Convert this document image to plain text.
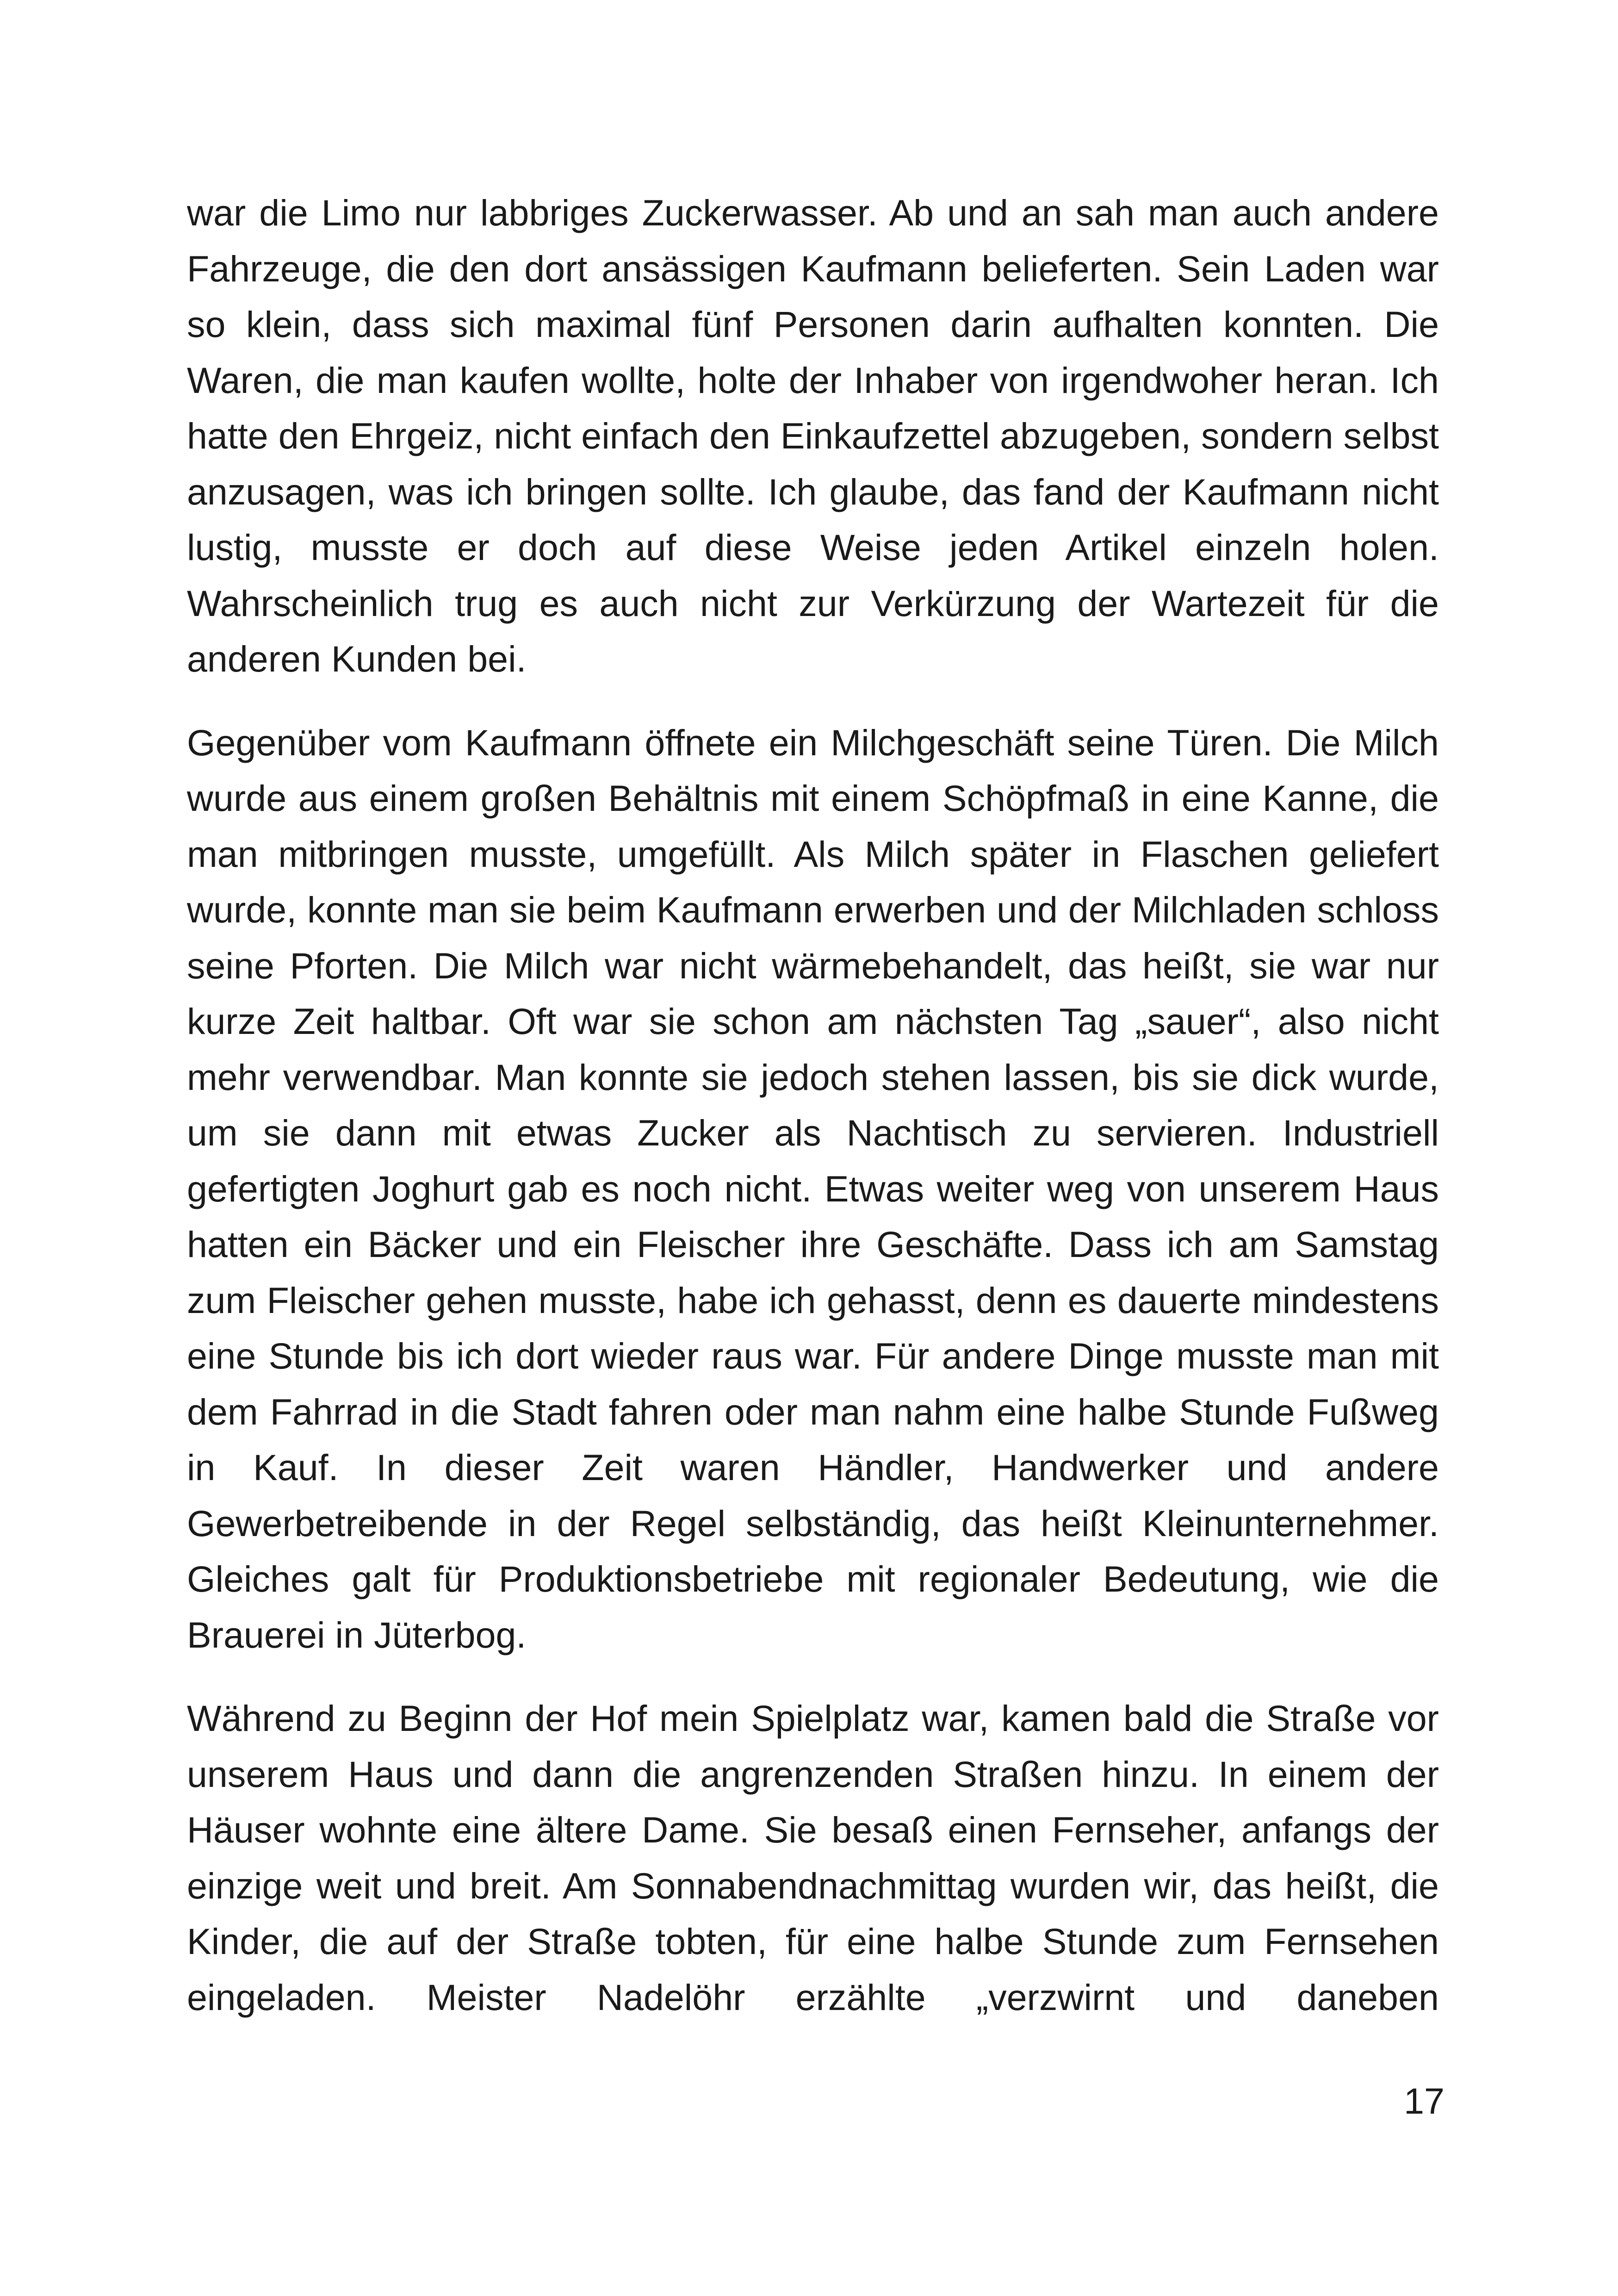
war die Limo nur labbriges Zuckerwasser. Ab und an sah man auch andere Fahrzeuge, die den dort ansässigen Kaufmann belieferten. Sein Laden war so klein, dass sich maximal fünf Personen darin aufhalten konnten. Die Waren, die man kaufen wollte, holte der Inhaber von irgendwoher heran. Ich hatte den Ehrgeiz, nicht einfach den Einkaufzettel abzugeben, sondern selbst anzusagen, was ich bringen sollte. Ich glaube, das fand der Kaufmann nicht lustig, musste er doch auf diese Weise jeden Artikel einzeln holen. Wahrscheinlich trug es auch nicht zur Verkürzung der Wartezeit für die anderen Kunden bei.

Gegenüber vom Kaufmann öffnete ein Milchgeschäft seine Türen. Die Milch wurde aus einem großen Behältnis mit einem Schöpfmaß in eine Kanne, die man mitbringen musste, umgefüllt. Als Milch später in Flaschen geliefert wurde, konnte man sie beim Kaufmann erwerben und der Milchladen schloss seine Pforten. Die Milch war nicht wärmebehandelt, das heißt, sie war nur kurze Zeit haltbar. Oft war sie schon am nächsten Tag „sauer“, also nicht mehr verwendbar. Man konnte sie jedoch stehen lassen, bis sie dick wurde, um sie dann mit etwas Zucker als Nachtisch zu servieren. Industriell gefertigten Joghurt gab es noch nicht. Etwas weiter weg von unserem Haus hatten ein Bäcker und ein Fleischer ihre Geschäfte. Dass ich am Samstag zum Fleischer gehen musste, habe ich gehasst, denn es dauerte mindestens eine Stunde bis ich dort wieder raus war. Für andere Dinge musste man mit dem Fahrrad in die Stadt fahren oder man nahm eine halbe Stunde Fußweg in Kauf. In dieser Zeit waren Händler, Handwerker und andere Gewerbetreibende in der Regel selbständig, das heißt Kleinunternehmer. Gleiches galt für Produktionsbetriebe mit regionaler Bedeutung, wie die Brauerei in Jüterbog.

Während zu Beginn der Hof mein Spielplatz war, kamen bald die Straße vor unserem Haus und dann die angrenzenden Straßen hinzu. In einem der Häuser wohnte eine ältere Dame. Sie besaß einen Fernseher, anfangs der einzige weit und breit. Am Sonnabendnachmittag wurden wir, das heißt, die Kinder, die auf der Straße tobten, für eine halbe Stunde zum Fernsehen eingeladen. Meister Nadelöhr erzählte „verzwirnt und daneben

17
